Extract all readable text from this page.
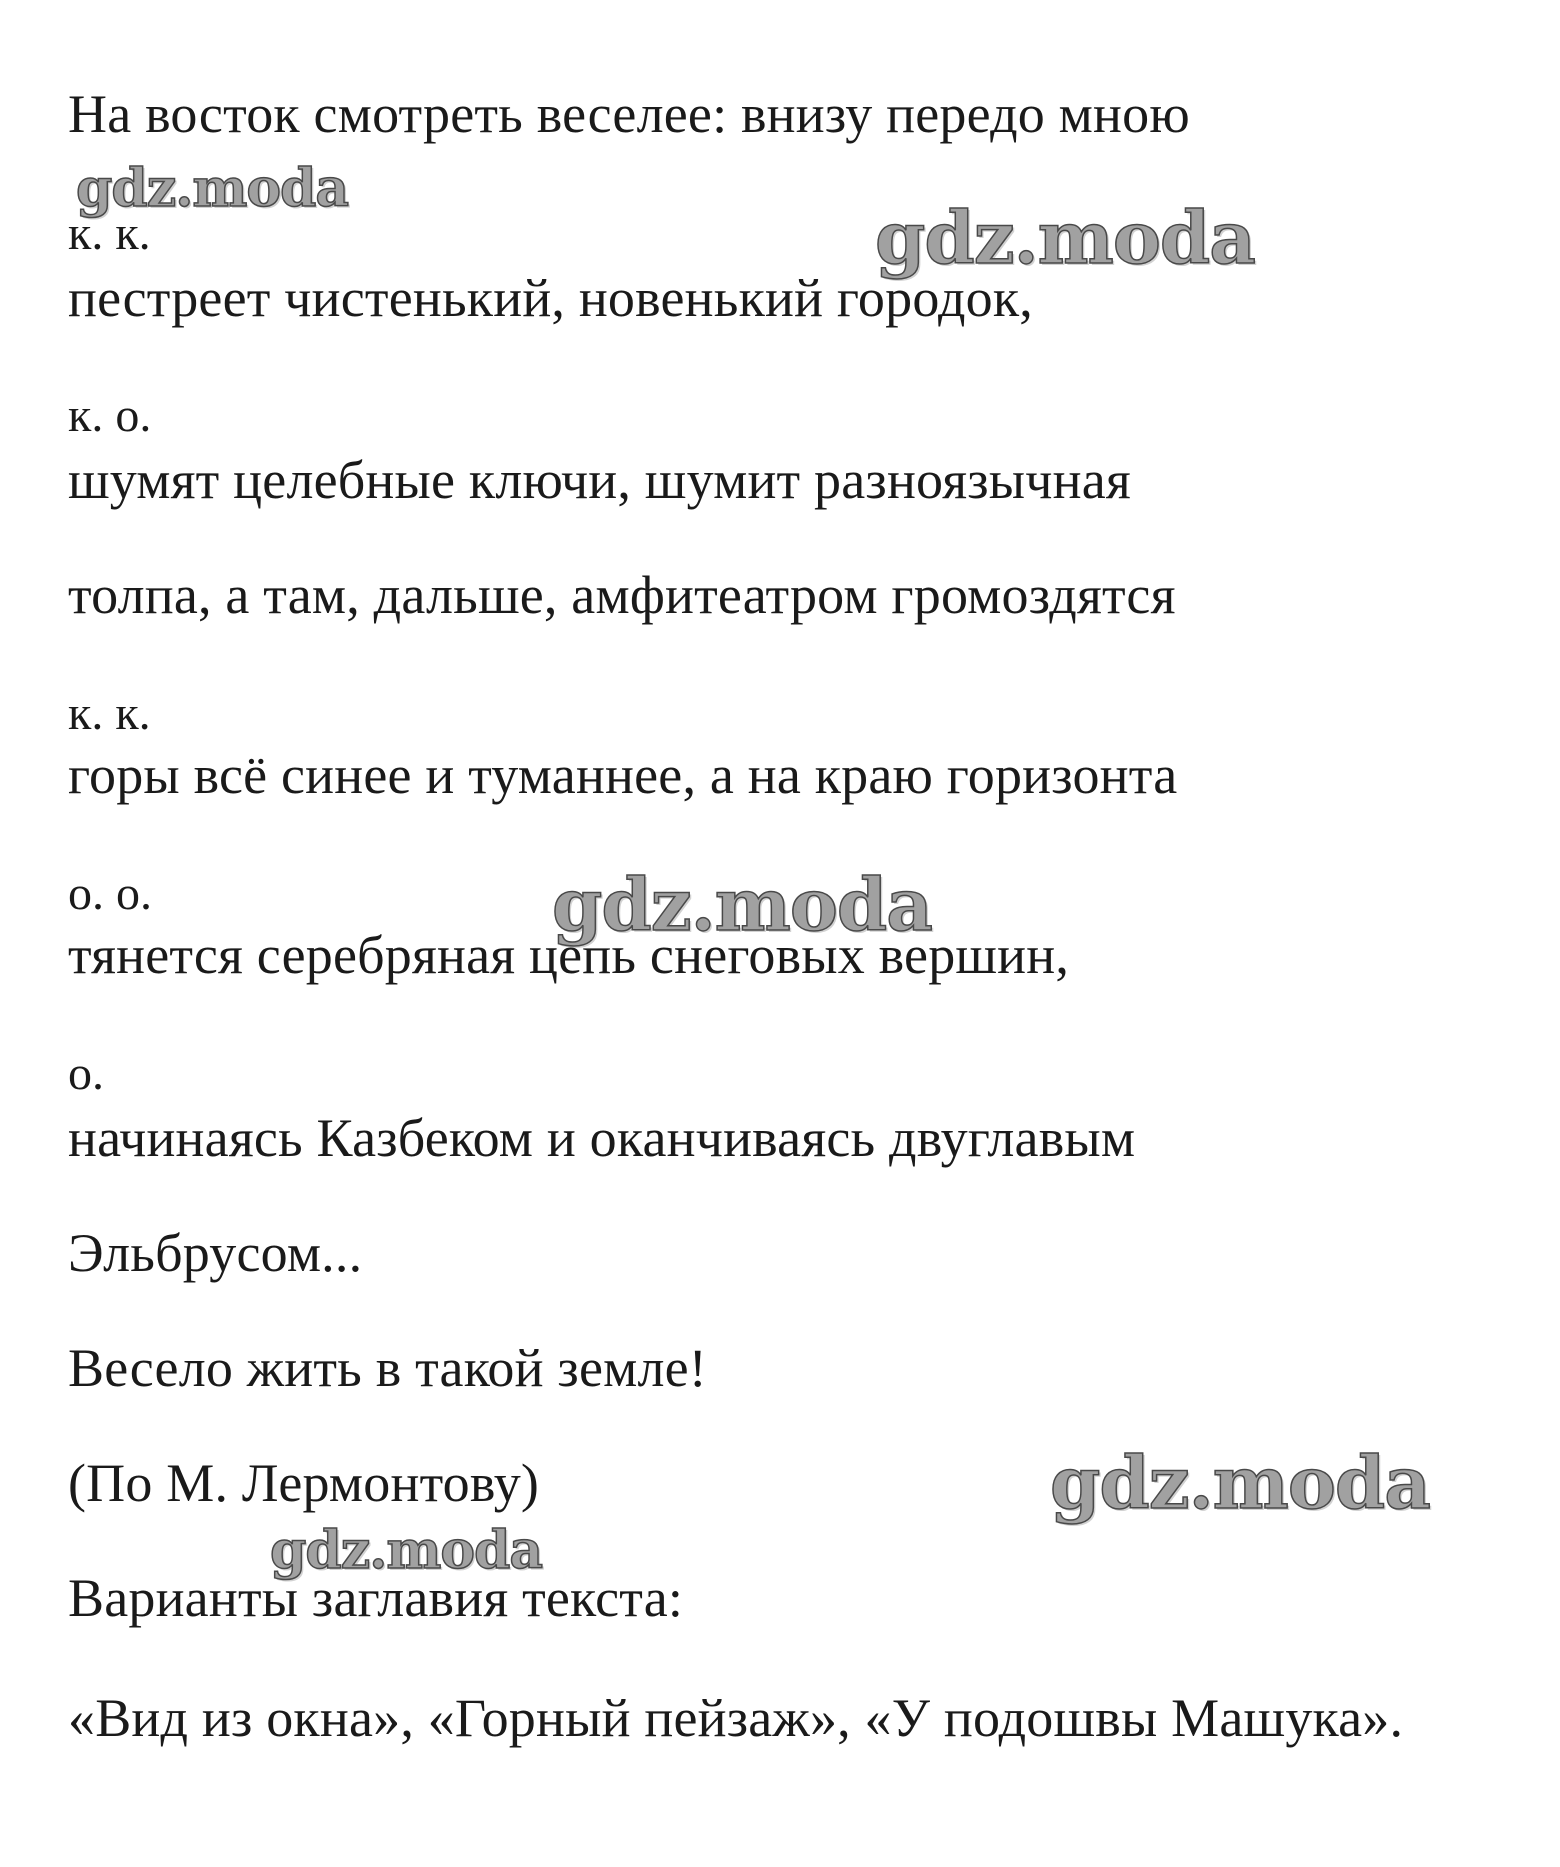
gdz.moda
gdz.moda
gdz.moda
gdz.moda
gdz.moda
На восток смотреть веселее: внизу передо мною
к. к.
пестреет чистенький, новенький городок,
к. о.
шумят целебные ключи, шумит разноязычная
толпа, а там, дальше, амфитеатром громоздятся
к. к.
горы всё синее и туманнее, а на краю горизонта
о. о.
тянется серебряная цепь снеговых вершин,
о.
начинаясь Казбеком и оканчиваясь двуглавым
Эльбрусом...
Весело жить в такой земле!
(По М. Лермонтову)
Варианты заглавия текста:
«Вид из окна», «Горный пейзаж», «У подошвы Машука».
